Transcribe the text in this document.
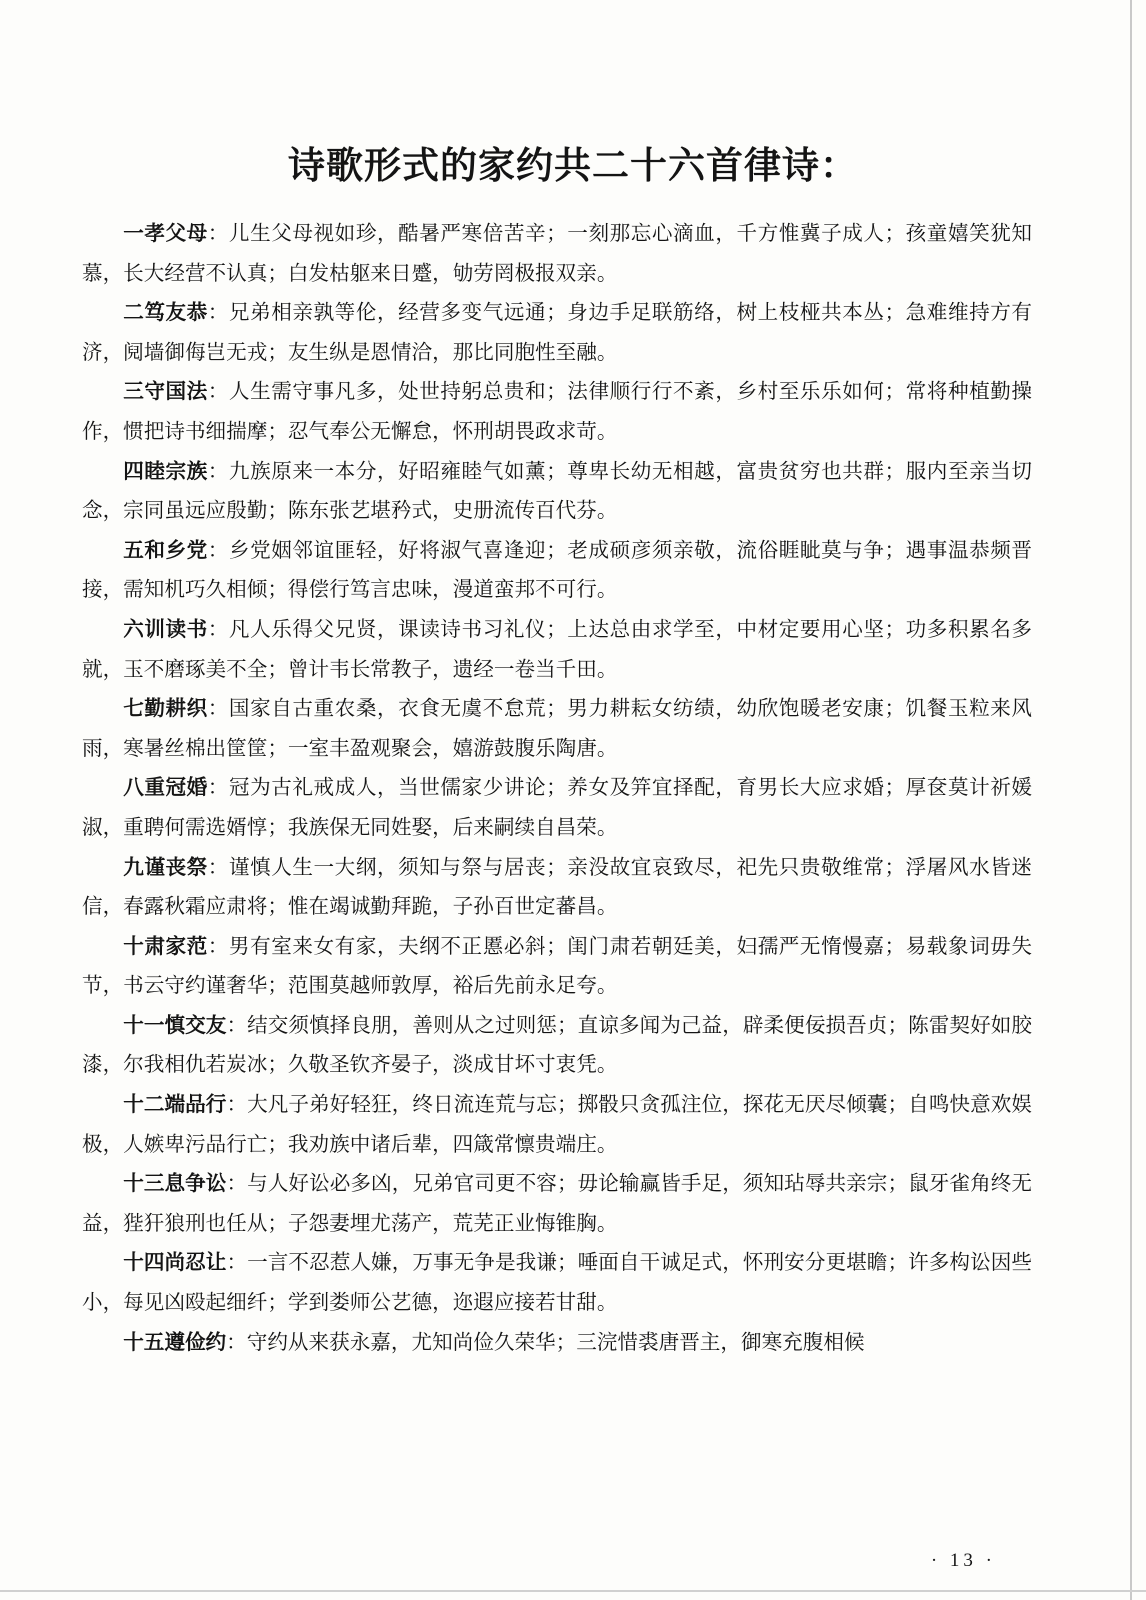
诗歌形式的家约共二十六首律诗：

一孝父母：儿生父母视如珍，酷暑严寒倍苦辛；一刻那忘心滴血，千方惟冀子成人；孩童嬉笑犹知慕，长大经营不认真；白发枯躯来日蹙，劬劳罔极报双亲。

二笃友恭：兄弟相亲孰等伦，经营多变气远通；身边手足联筋络，树上枝桠共本丛；急难维持方有济，阋墙御侮岂无戎；友生纵是恩情洽，那比同胞性至融。

三守国法：人生需守事凡多，处世持躬总贵和；法律顺行行不紊，乡村至乐乐如何；常将种植勤操作，惯把诗书细揣摩；忍气奉公无懈怠，怀刑胡畏政求苛。

四睦宗族：九族原来一本分，好昭雍睦气如薰；尊卑长幼无相越，富贵贫穷也共群；服内至亲当切念，宗同虽远应殷勤；陈东张艺堪矜式，史册流传百代芬。

五和乡党：乡党姻邻谊匪轻，好将淑气喜逢迎；老成硕彦须亲敬，流俗睚眦莫与争；遇事温恭频晋接，需知机巧久相倾；得偿行笃言忠味，漫道蛮邦不可行。

六训读书：凡人乐得父兄贤，课读诗书习礼仪；上达总由求学至，中材定要用心坚；功多积累名多就，玉不磨琢美不全；曾计韦长常教子，遗经一卷当千田。

七勤耕织：国家自古重农桑，衣食无虞不怠荒；男力耕耘女纺绩，幼欣饱暖老安康；饥餐玉粒来风雨，寒暑丝棉出筐筐；一室丰盈观聚会，嬉游鼓腹乐陶唐。

八重冠婚：冠为古礼戒成人，当世儒家少讲论；养女及笄宜择配，育男长大应求婚；厚奁莫计祈媛淑，重聘何需选婿惇；我族保无同姓娶，后来嗣续自昌荣。

九谨丧祭：谨慎人生一大纲，须知与祭与居丧；亲没故宜哀致尽，祀先只贵敬维常；浮屠风水皆迷信，春露秋霜应肃将；惟在竭诚勤拜跪，子孙百世定蕃昌。

十肃家范：男有室来女有家，夫纲不正慝必斜；闺门肃若朝廷美，妇孺严无惰慢嘉；易载象词毋失节，书云守约谨奢华；范围莫越师敦厚，裕后先前永足夸。

十一慎交友：结交须慎择良朋，善则从之过则惩；直谅多闻为己益，辟柔便佞损吾贞；陈雷契好如胶漆，尔我相仇若炭冰；久敬圣钦齐晏子，淡成甘坏寸衷凭。

十二端品行：大凡子弟好轻狂，终日流连荒与忘；掷骰只贪孤注位，探花无厌尽倾囊；自鸣快意欢娱极，人嫉卑污品行亡；我劝族中诸后辈，四箴常懔贵端庄。

十三息争讼：与人好讼必多凶，兄弟官司更不容；毋论输赢皆手足，须知玷辱共亲宗；鼠牙雀角终无益，狴犴狼刑也任从；子怨妻埋尤荡产，荒芜正业悔锥胸。

十四尚忍让：一言不忍惹人嫌，万事无争是我谦；唾面自干诚足式，怀刑安分更堪瞻；许多构讼因些小，每见凶殴起细纤；学到娄师公艺德，迩遐应接若甘甜。

十五遵俭约：守约从来获永嘉，尤知尚俭久荣华；三浣惜裘唐晋主，御寒充腹相候

· 13 ·
